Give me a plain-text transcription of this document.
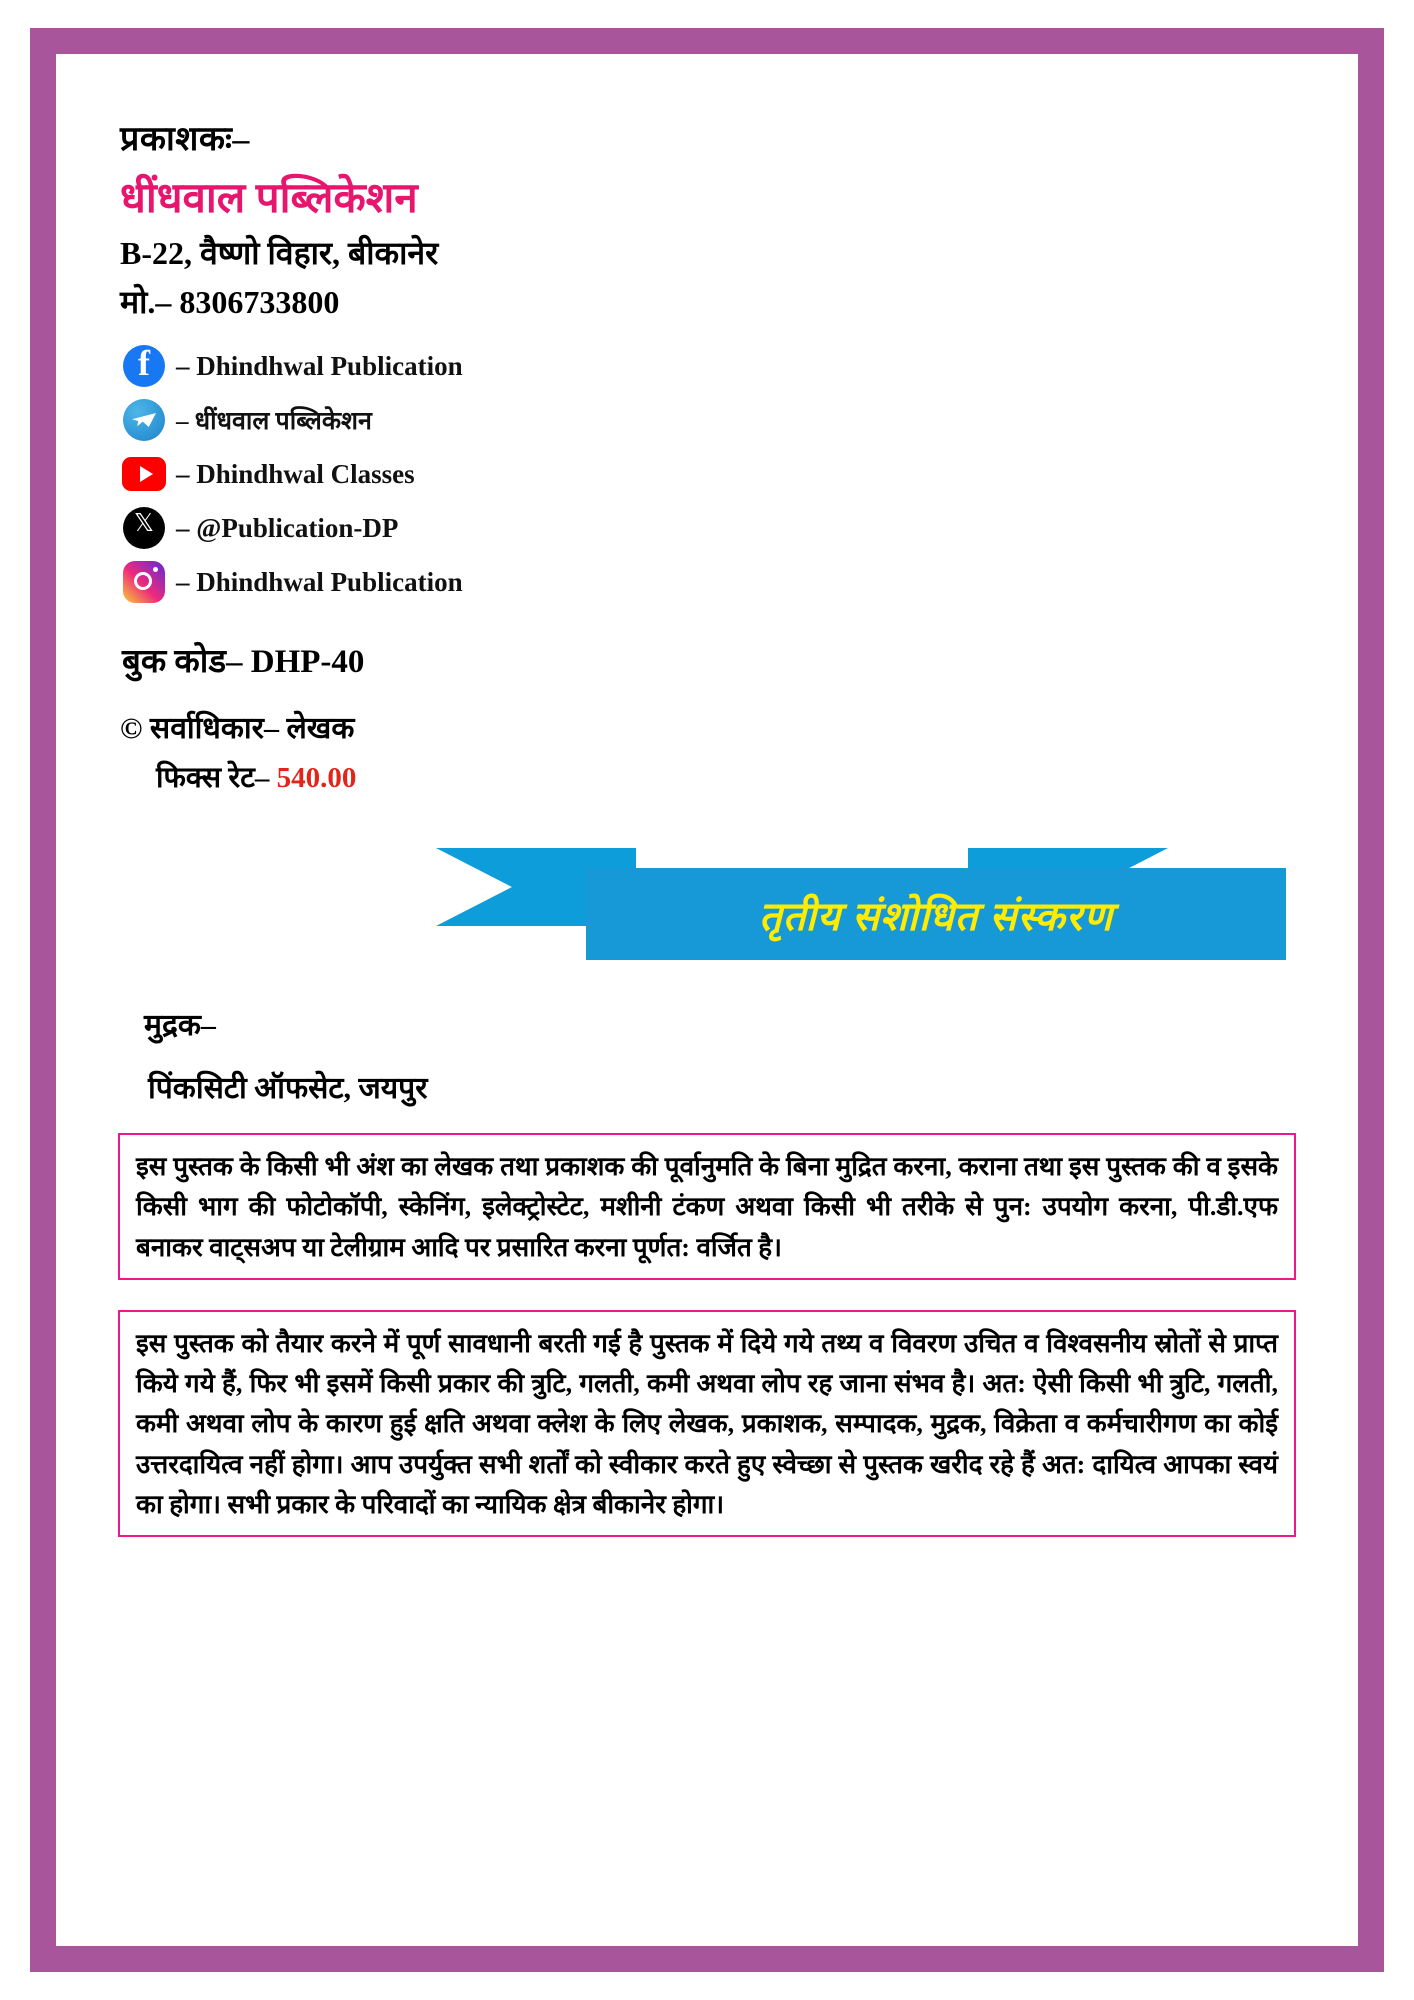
प्रकाशकः–
धींधवाल पब्लिकेशन
B-22, वैष्णो विहार, बीकानेर
मो.– 8306733800
f
– Dhindhwal Publication
– धींधवाल पब्लिकेशन
– Dhindhwal Classes
𝕏
– @Publication-DP
– Dhindhwal Publication
बुक कोड– DHP-40
© सर्वाधिकार– लेखक
फिक्स रेट– 540.00
तृतीय संशोधित संस्करण
मुद्रक–
पिंकसिटी ऑफसेट, जयपुर

इस पुस्तक के किसी भी अंश का लेखक तथा प्रकाशक की पूर्वानुमति के बिना मुद्रित करना, कराना तथा इस पुस्तक की व इसके किसी भाग की फोटोकॉपी, स्केनिंग, इलेक्ट्रोस्टेट, मशीनी टंकण अथवा किसी भी तरीके से पुन: उपयोग करना, पी.डी.एफ बनाकर वाट्सअप या टेलीग्राम आदि पर प्रसारित करना पूर्णत: वर्जित है।

इस पुस्तक को तैयार करने में पूर्ण सावधानी बरती गई है पुस्तक में दिये गये तथ्य व विवरण उचित व विश्वसनीय स्रोतों से प्राप्त किये गये हैं, फिर भी इसमें किसी प्रकार की त्रुटि, गलती, कमी अथवा लोप रह जाना संभव है। अत: ऐसी किसी भी त्रुटि, गलती, कमी अथवा लोप के कारण हुई क्षति अथवा क्लेश के लिए लेखक, प्रकाशक, सम्पादक, मुद्रक, विक्रेता व कर्मचारीगण का कोई उत्तरदायित्व नहीं होगा। आप उपर्युक्त सभी शर्तों को स्वीकार करते हुए स्वेच्छा से पुस्तक खरीद रहे हैं अत: दायित्व आपका स्वयं का होगा। सभी प्रकार के परिवादों का न्यायिक क्षेत्र बीकानेर होगा।
